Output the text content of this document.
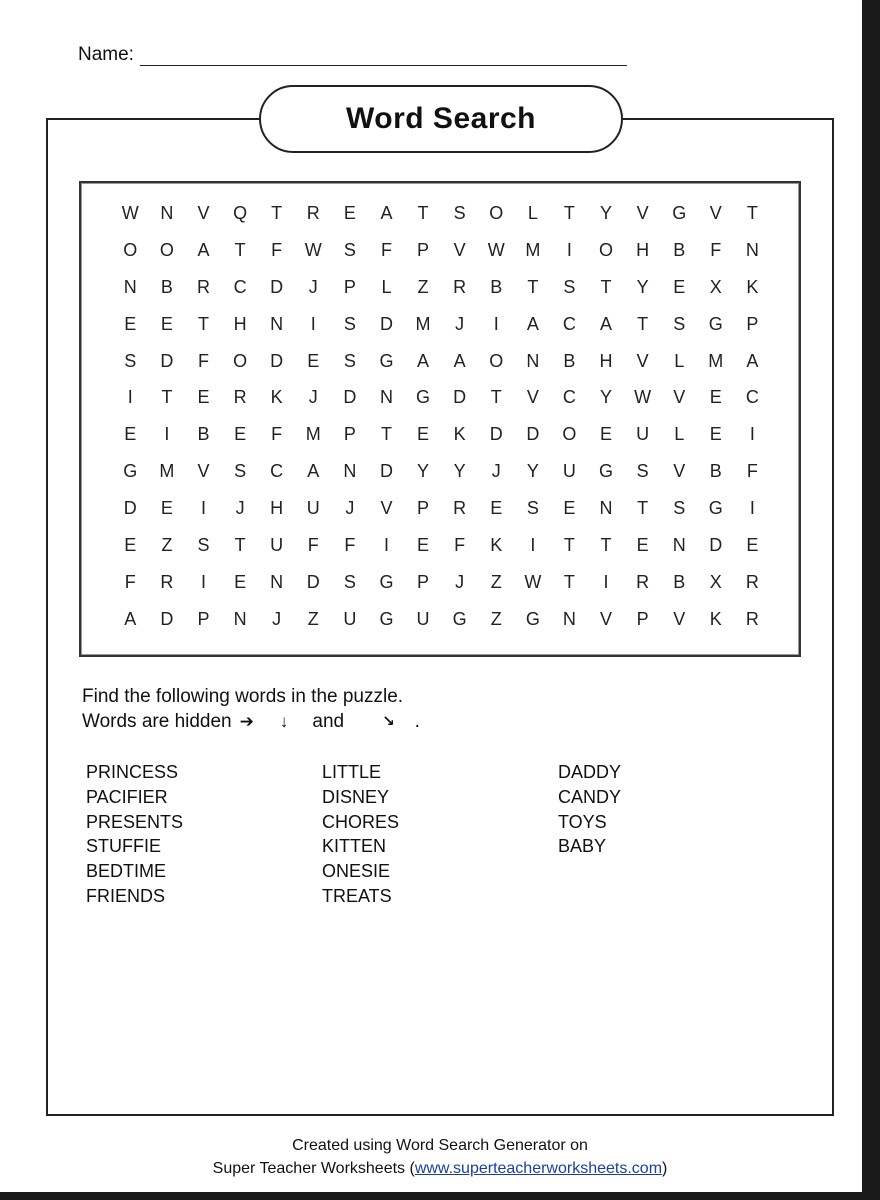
Name:
Word Search
W	N	V	Q	T	R	E	A	T	S	O	L	T	Y	V	G	V	T
O	O	A	T	F	W	S	F	P	V	W	M	I	O	H	B	F	N
N	B	R	C	D	J	P	L	Z	R	B	T	S	T	Y	E	X	K
E	E	T	H	N	I	S	D	M	J	I	A	C	A	T	S	G	P
S	D	F	O	D	E	S	G	A	A	O	N	B	H	V	L	M	A
I	T	E	R	K	J	D	N	G	D	T	V	C	Y	W	V	E	C
E	I	B	E	F	M	P	T	E	K	D	D	O	E	U	L	E	I
G	M	V	S	C	A	N	D	Y	Y	J	Y	U	G	S	V	B	F
D	E	I	J	H	U	J	V	P	R	E	S	E	N	T	S	G	I
E	Z	S	T	U	F	F	I	E	F	K	I	T	T	E	N	D	E
F	R	I	E	N	D	S	G	P	J	Z	W	T	I	R	B	X	R
A	D	P	N	J	Z	U	G	U	G	Z	G	N	V	P	V	K	R
Find the following words in the puzzle.
Words are hidden ➔ ↓ and	↘ .
PRINCESS
PACIFIER
PRESENTS
STUFFIE
BEDTIME
FRIENDS
LITTLE
DISNEY
CHORES
KITTEN
ONESIE
TREATS
DADDY
CANDY
TOYS
BABY
Created using Word Search Generator on
Super Teacher Worksheets (www.superteacherworksheets.com)
